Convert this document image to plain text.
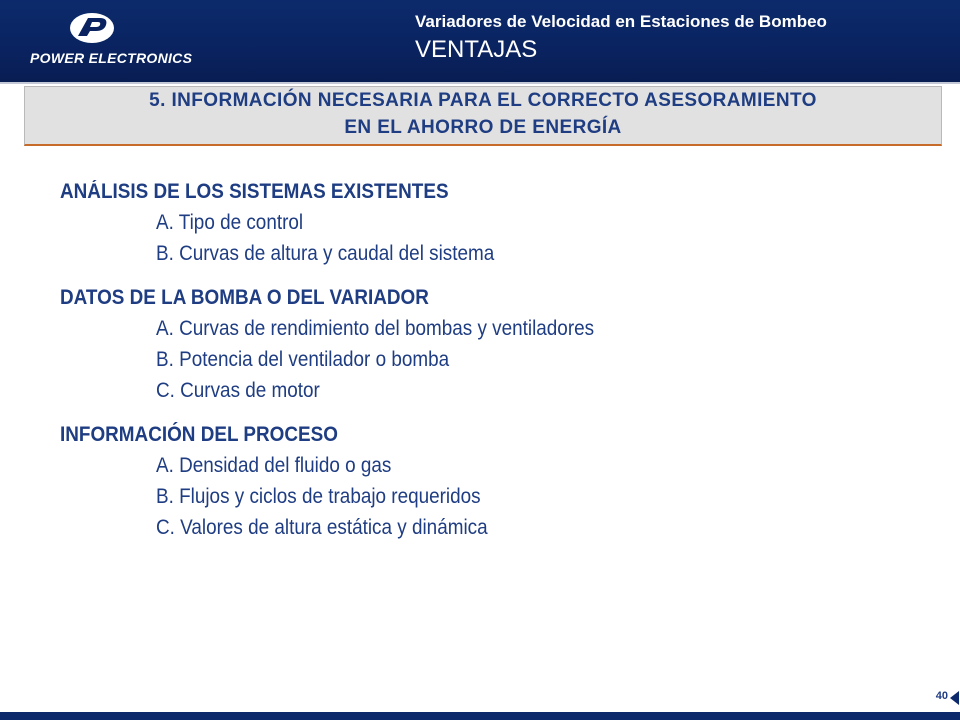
POWER ELECTRONICS
Variadores de Velocidad en Estaciones de Bombeo
VENTAJAS
5. INFORMACIÓN NECESARIA PARA EL CORRECTO ASESORAMIENTO
EN EL AHORRO DE ENERGÍA
ANÁLISIS DE LOS SISTEMAS EXISTENTES
A. Tipo de control
B. Curvas de altura y caudal del sistema
DATOS DE LA BOMBA O DEL VARIADOR
A. Curvas de rendimiento del bombas y ventiladores
B. Potencia del ventilador o bomba
C. Curvas de motor
INFORMACIÓN DEL PROCESO
A. Densidad del fluido o gas
B. Flujos y ciclos de trabajo requeridos
C. Valores de altura estática y dinámica
40
